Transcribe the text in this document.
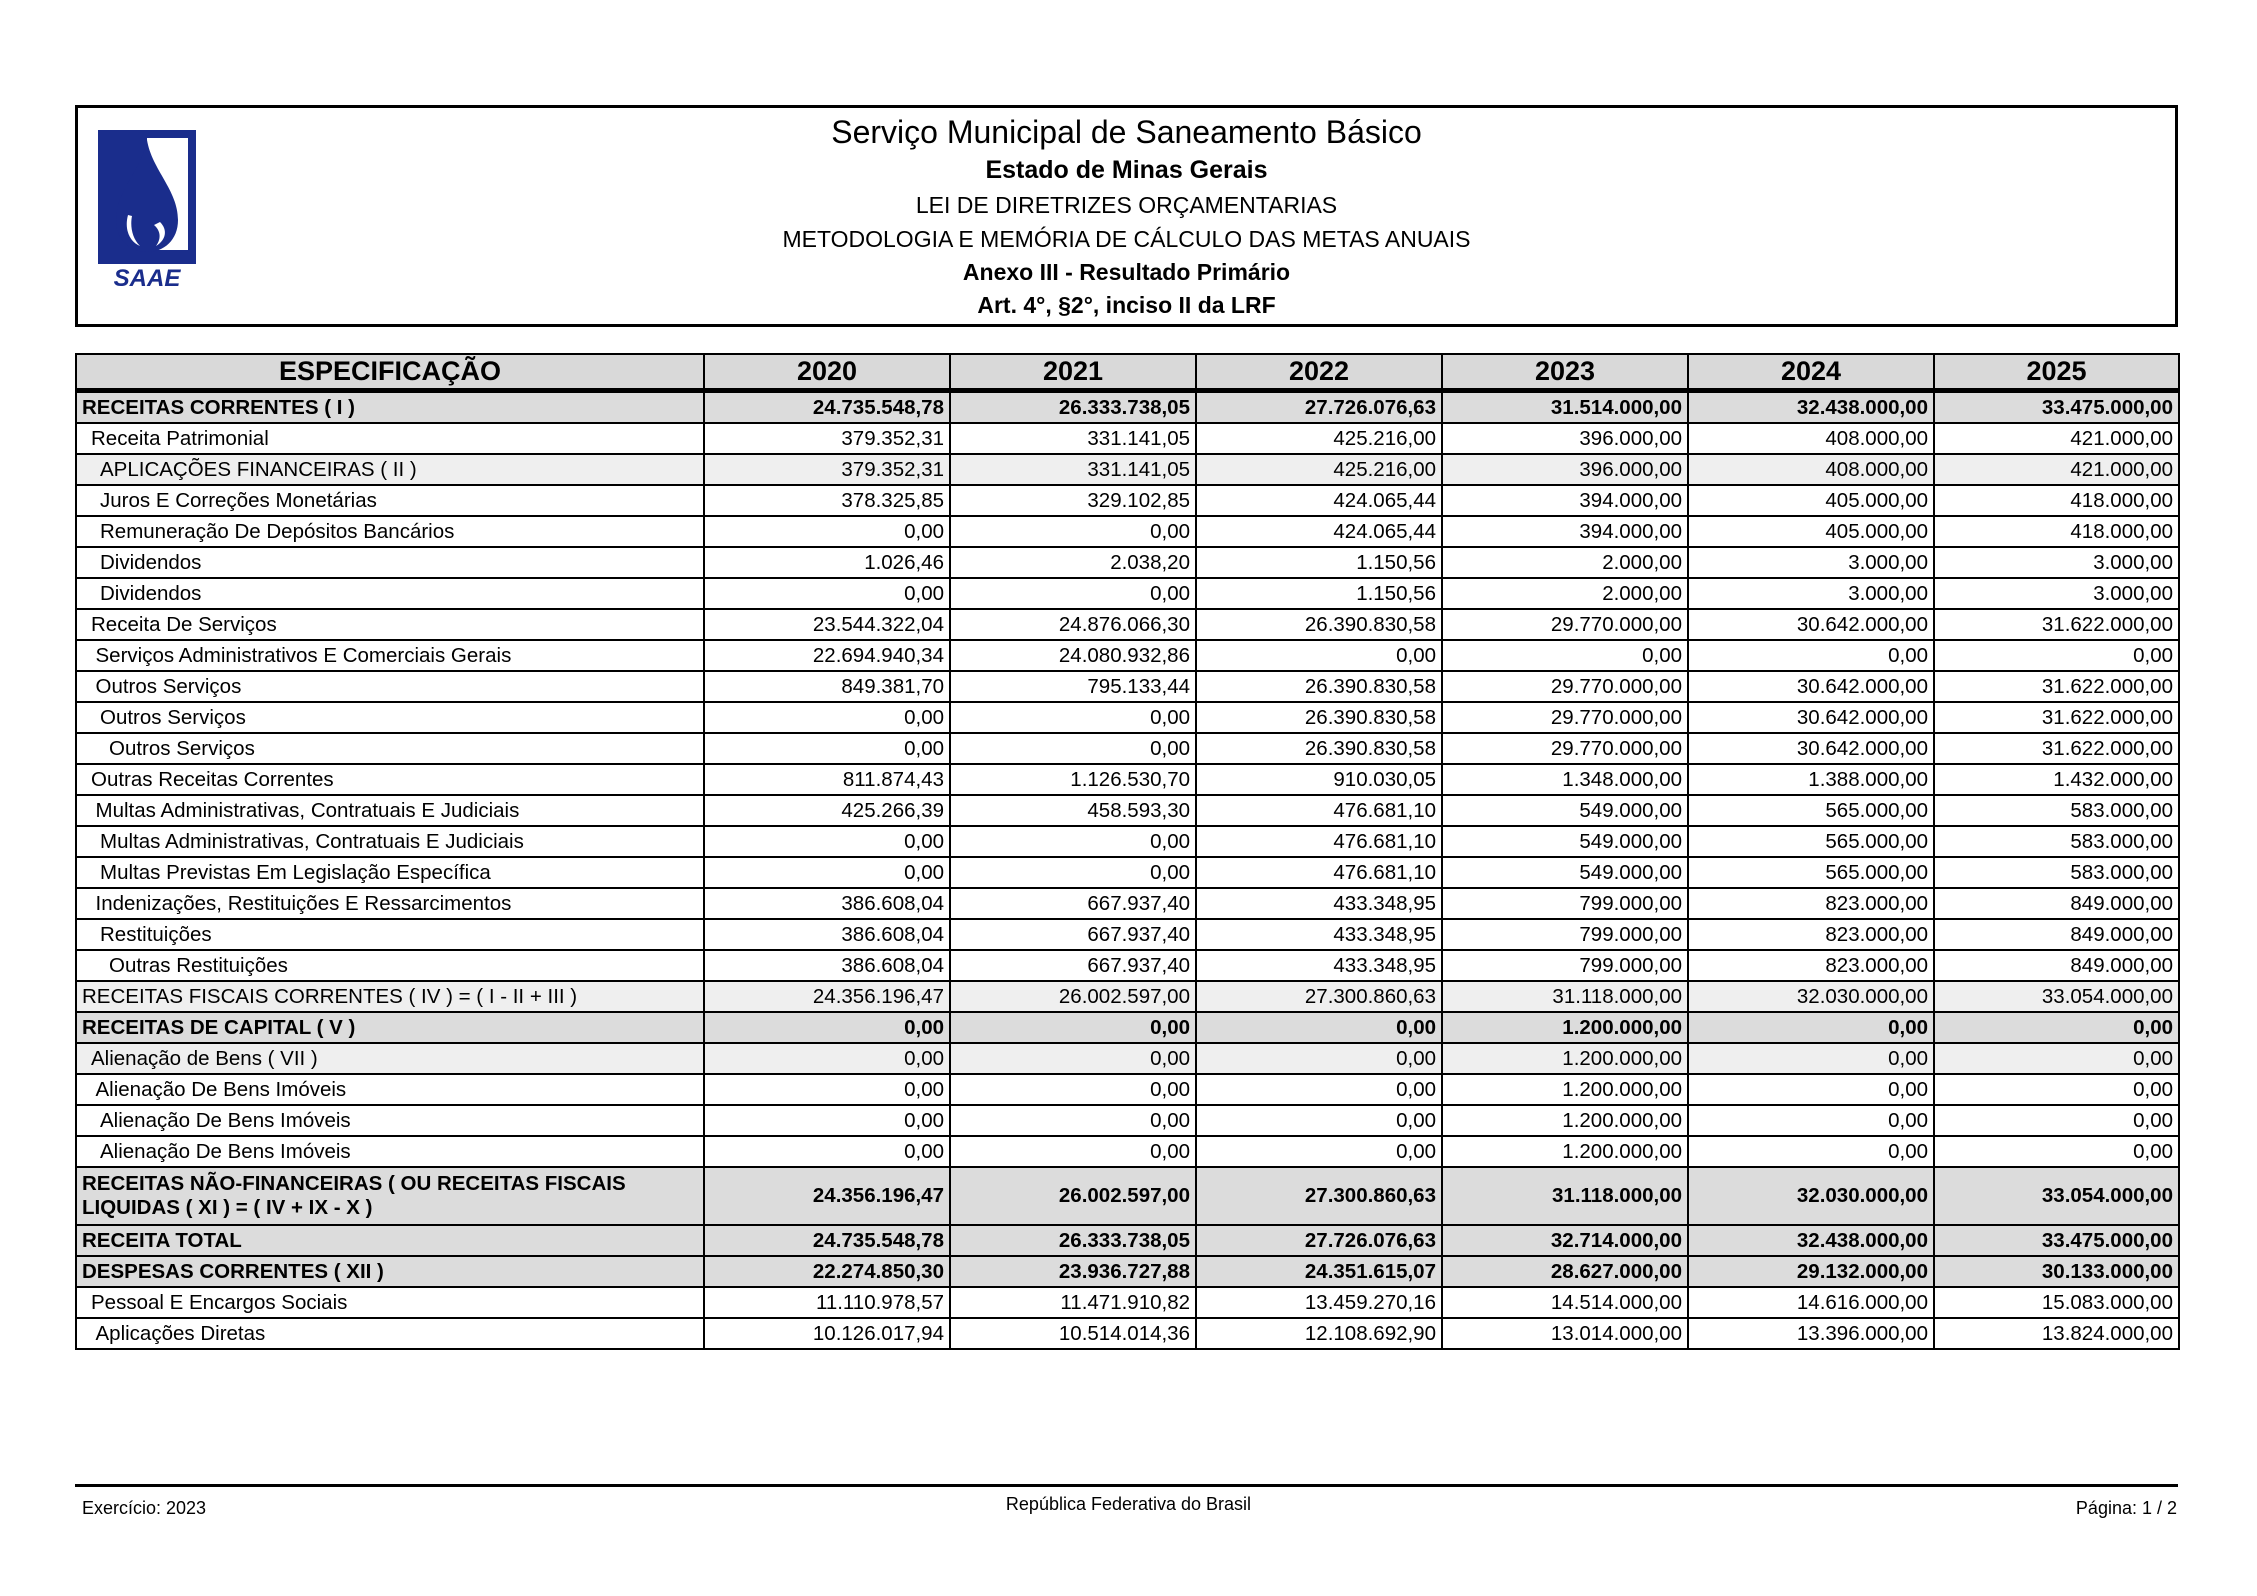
SAAE
Serviço Municipal de Saneamento Básico
Estado de Minas Gerais
LEI DE DIRETRIZES ORÇAMENTARIAS
METODOLOGIA E MEMÓRIA DE CÁLCULO DAS METAS ANUAIS
Anexo III - Resultado Primário
Art. 4°, §2°, inciso II da LRF
ESPECIFICAÇÃO	2020	2021	2022	2023	2024	2025
RECEITAS CORRENTES ( I )	24.735.548,78	26.333.738,05	27.726.076,63	31.514.000,00	32.438.000,00	33.475.000,00
Receita Patrimonial	379.352,31	331.141,05	425.216,00	396.000,00	408.000,00	421.000,00
APLICAÇÕES FINANCEIRAS ( II )	379.352,31	331.141,05	425.216,00	396.000,00	408.000,00	421.000,00
Juros E Correções Monetárias	378.325,85	329.102,85	424.065,44	394.000,00	405.000,00	418.000,00
Remuneração De Depósitos Bancários	0,00	0,00	424.065,44	394.000,00	405.000,00	418.000,00
Dividendos	1.026,46	2.038,20	1.150,56	2.000,00	3.000,00	3.000,00
Dividendos	0,00	0,00	1.150,56	2.000,00	3.000,00	3.000,00
Receita De Serviços	23.544.322,04	24.876.066,30	26.390.830,58	29.770.000,00	30.642.000,00	31.622.000,00
Serviços Administrativos E Comerciais Gerais	22.694.940,34	24.080.932,86	0,00	0,00	0,00	0,00
Outros Serviços	849.381,70	795.133,44	26.390.830,58	29.770.000,00	30.642.000,00	31.622.000,00
Outros Serviços	0,00	0,00	26.390.830,58	29.770.000,00	30.642.000,00	31.622.000,00
Outros Serviços	0,00	0,00	26.390.830,58	29.770.000,00	30.642.000,00	31.622.000,00
Outras Receitas Correntes	811.874,43	1.126.530,70	910.030,05	1.348.000,00	1.388.000,00	1.432.000,00
Multas Administrativas, Contratuais E Judiciais	425.266,39	458.593,30	476.681,10	549.000,00	565.000,00	583.000,00
Multas Administrativas, Contratuais E Judiciais	0,00	0,00	476.681,10	549.000,00	565.000,00	583.000,00
Multas Previstas Em Legislação Específica	0,00	0,00	476.681,10	549.000,00	565.000,00	583.000,00
Indenizações, Restituições E Ressarcimentos	386.608,04	667.937,40	433.348,95	799.000,00	823.000,00	849.000,00
Restituições	386.608,04	667.937,40	433.348,95	799.000,00	823.000,00	849.000,00
Outras Restituições	386.608,04	667.937,40	433.348,95	799.000,00	823.000,00	849.000,00
RECEITAS FISCAIS CORRENTES ( IV ) = ( I - II + III )	24.356.196,47	26.002.597,00	27.300.860,63	31.118.000,00	32.030.000,00	33.054.000,00
RECEITAS DE CAPITAL ( V )	0,00	0,00	0,00	1.200.000,00	0,00	0,00
Alienação de Bens ( VII )	0,00	0,00	0,00	1.200.000,00	0,00	0,00
Alienação De Bens Imóveis	0,00	0,00	0,00	1.200.000,00	0,00	0,00
Alienação De Bens Imóveis	0,00	0,00	0,00	1.200.000,00	0,00	0,00
Alienação De Bens Imóveis	0,00	0,00	0,00	1.200.000,00	0,00	0,00
RECEITAS NÃO-FINANCEIRAS ( OU RECEITAS FISCAIS LIQUIDAS ( XI ) = ( IV + IX - X )	24.356.196,47	26.002.597,00	27.300.860,63	31.118.000,00	32.030.000,00	33.054.000,00
RECEITA TOTAL	24.735.548,78	26.333.738,05	27.726.076,63	32.714.000,00	32.438.000,00	33.475.000,00
DESPESAS CORRENTES ( XII )	22.274.850,30	23.936.727,88	24.351.615,07	28.627.000,00	29.132.000,00	30.133.000,00
Pessoal E Encargos Sociais	11.110.978,57	11.471.910,82	13.459.270,16	14.514.000,00	14.616.000,00	15.083.000,00
Aplicações Diretas	10.126.017,94	10.514.014,36	12.108.692,90	13.014.000,00	13.396.000,00	13.824.000,00
Exercício: 2023	República Federativa do Brasil	Página: 1 / 2
